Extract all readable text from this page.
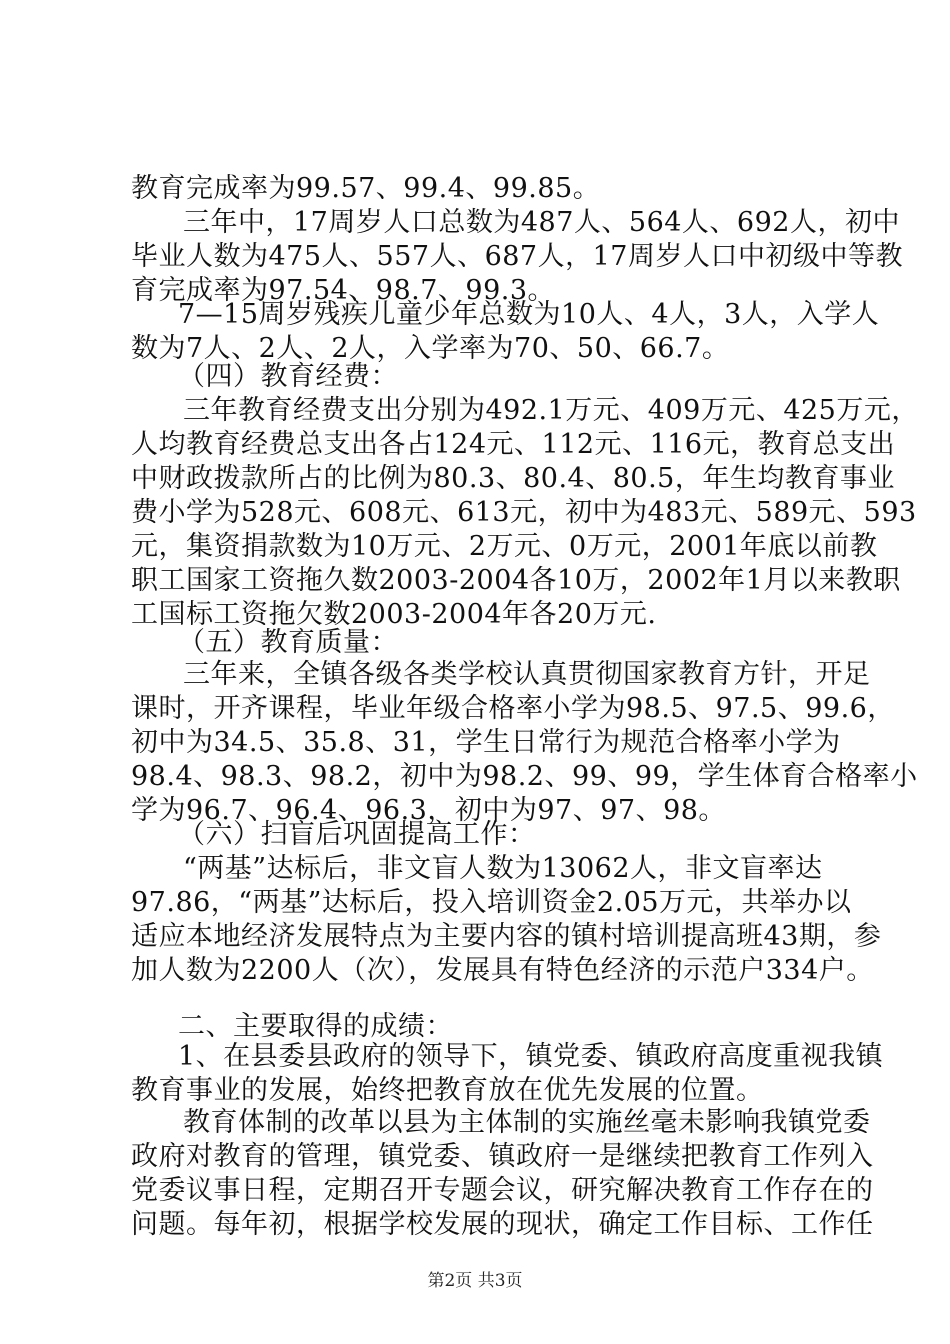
教育完成率为99.57、99.4、99.85。
三年中，17周岁人口总数为487人、564人、692人，初中
毕业人数为475人、557人、687人，17周岁人口中初级中等教
育完成率为97.54、98.7、99.3。
7—15周岁残疾儿童少年总数为10人、4人，3人，入学人
数为7人、2人、2人，入学率为70、50、66.7。
（四）教育经费：
三年教育经费支出分别为492.1万元、409万元、425万元，
人均教育经费总支出各占124元、112元、116元，教育总支出
中财政拨款所占的比例为80.3、80.4、80.5，年生均教育事业
费小学为528元、608元、613元，初中为483元、589元、593
元，集资捐款数为10万元、2万元、0万元，2001年底以前教
职工国家工资拖久数2003-2004各10万，2002年1月以来教职
工国标工资拖欠数2003-2004年各20万元.
（五）教育质量：
三年来，全镇各级各类学校认真贯彻国家教育方针，开足
课时，开齐课程，毕业年级合格率小学为98.5、97.5、99.6，
初中为34.5、35.8、31，学生日常行为规范合格率小学为
98.4、98.3、98.2，初中为98.2、99、99，学生体育合格率小
学为96.7、96.4、96.3，初中为97、97、98。
（六）扫盲后巩固提高工作：
“两基”达标后，非文盲人数为13062人，非文盲率达
97.86，“两基”达标后，投入培训资金2.05万元，共举办以
适应本地经济发展特点为主要内容的镇村培训提高班43期，参
加人数为2200人（次），发展具有特色经济的示范户334户。
二、主要取得的成绩：
1、在县委县政府的领导下，镇党委、镇政府高度重视我镇
教育事业的发展，始终把教育放在优先发展的位置。
教育体制的改革以县为主体制的实施丝毫未影响我镇党委
政府对教育的管理，镇党委、镇政府一是继续把教育工作列入
党委议事日程，定期召开专题会议，研究解决教育工作存在的
问题。每年初，根据学校发展的现状，确定工作目标、工作任
第2页 共3页
